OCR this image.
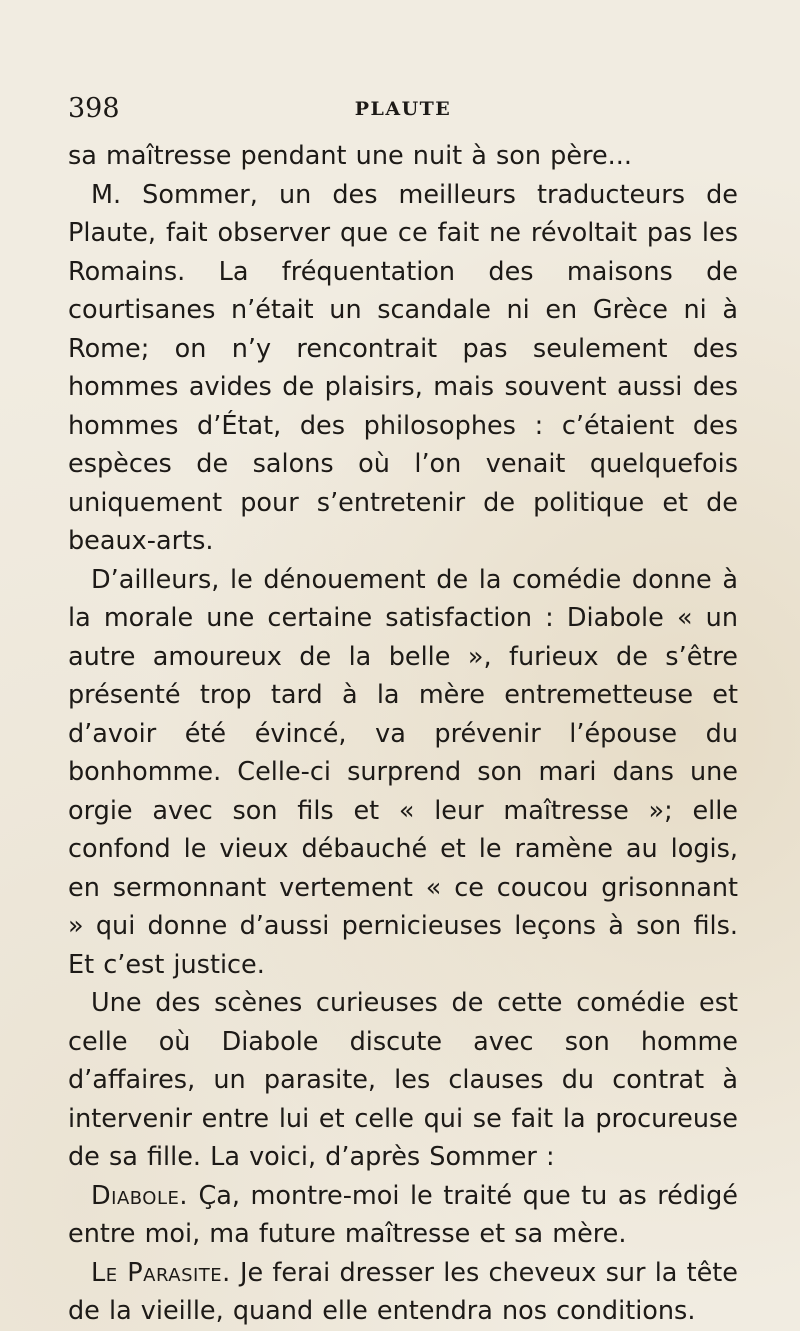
398	PLAUTE

sa maîtresse pendant une nuit à son père...

M. Sommer, un des meilleurs traducteurs de Plaute, fait observer que ce fait ne révoltait pas les Romains. La fréquentation des maisons de courtisanes n’était un scandale ni en Grèce ni à Rome; on n’y rencontrait pas seulement des hommes avides de plaisirs, mais souvent aussi des hommes d’État, des philosophes : c’étaient des espèces de salons où l’on venait quelquefois uniquement pour s’entretenir de politique et de beaux-arts.

D’ailleurs, le dénouement de la comédie donne à la morale une certaine satisfaction : Diabole « un autre amoureux de la belle », furieux de s’être présenté trop tard à la mère entremetteuse et d’avoir été évincé, va prévenir l’épouse du bonhomme. Celle-ci surprend son mari dans une orgie avec son fils et « leur maîtresse »; elle confond le vieux débauché et le ramène au logis, en sermonnant vertement « ce coucou grisonnant » qui donne d’aussi pernicieuses leçons à son fils. Et c’est justice.

Une des scènes curieuses de cette comédie est celle où Diabole discute avec son homme d’affaires, un parasite, les clauses du contrat à intervenir entre lui et celle qui se fait la procureuse de sa fille. La voici, d’après Sommer :

Diabole. Ça, montre-moi le traité que tu as rédigé entre moi, ma future maîtresse et sa mère.

Le Parasite. Je ferai dresser les cheveux sur la tête de la vieille, quand elle entendra nos conditions.
